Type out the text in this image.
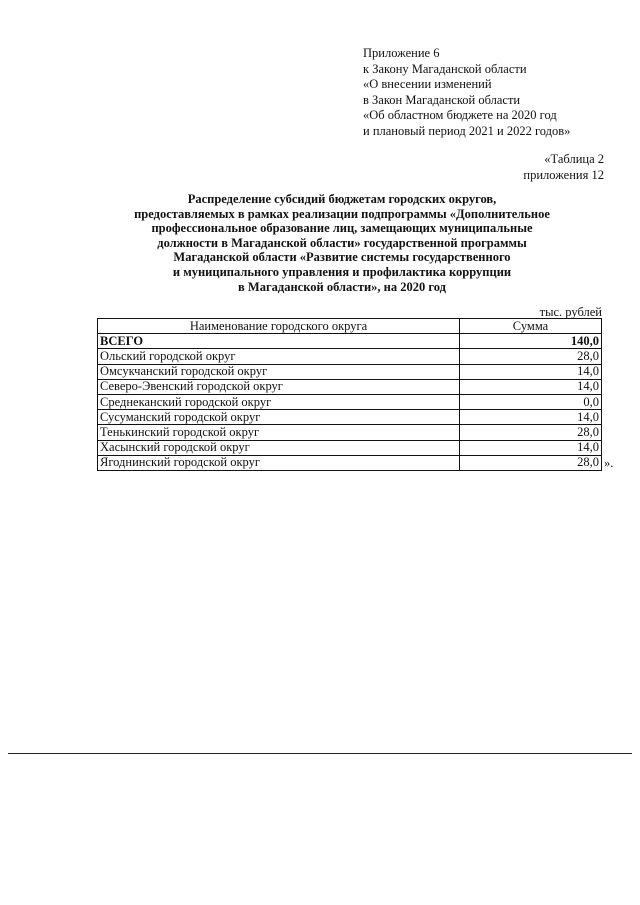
Приложение 6
к Закону Магаданской области
«О внесении изменений
в Закон Магаданской области
«Об областном бюджете на 2020 год
и плановый период 2021 и 2022 годов»
«Таблица 2
приложения 12
Распределение субсидий бюджетам городских округов,
предоставляемых в рамках реализации подпрограммы «Дополнительное
профессиональное образование лиц, замещающих муниципальные
должности в Магаданской области» государственной программы
Магаданской области «Развитие системы государственного
и муниципального управления и профилактика коррупции
в Магаданской области», на 2020 год
тыс. рублей
Наименование городского округа	Сумма
ВСЕГО	140,0
Ольский городской округ	28,0
Омсукчанский городской округ	14,0
Северо-Эвенский городской округ	14,0
Среднеканский городской округ	0,0
Сусуманский городской округ	14,0
Тенькинский городской округ	28,0
Хасынский городской округ	14,0
Ягоднинский городской округ	28,0 ».
